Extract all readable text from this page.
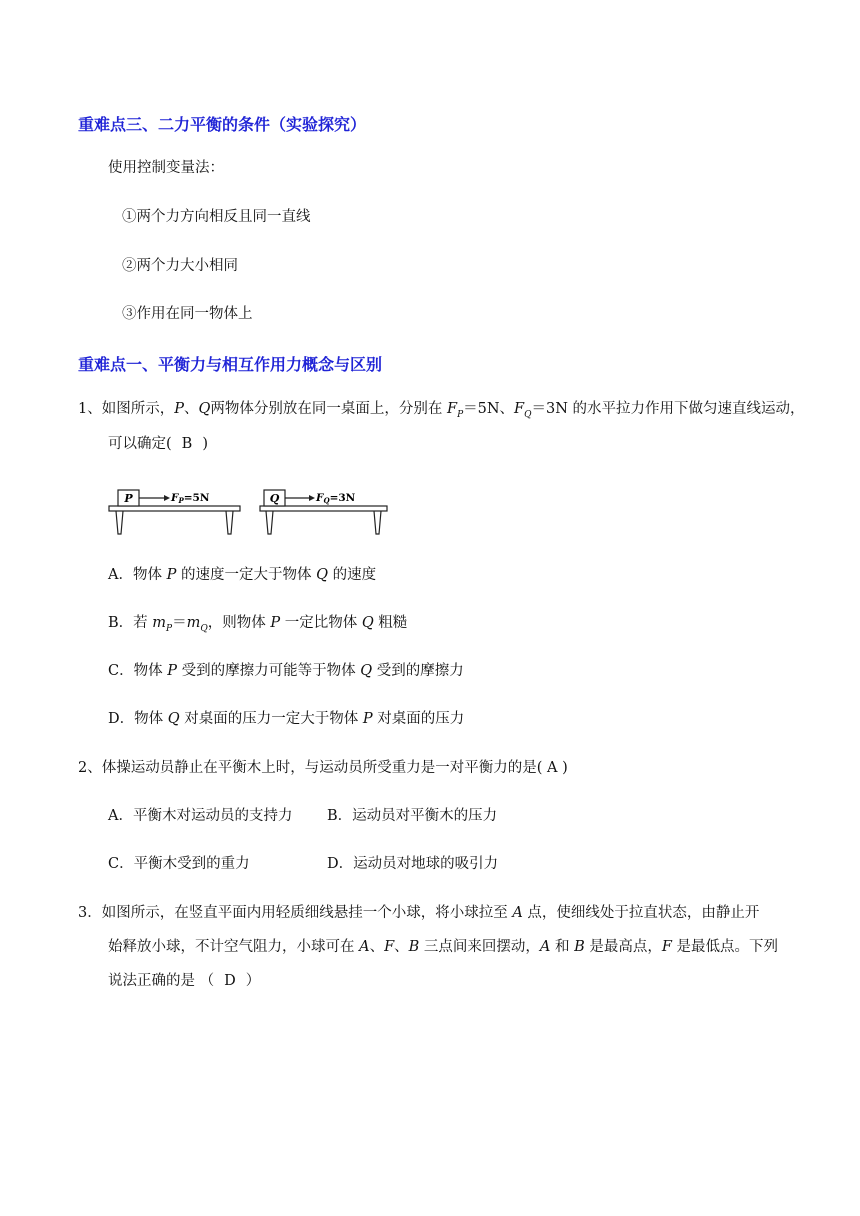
重难点三、二力平衡的条件（实验探究）
使用控制变量法：
①两个力方向相反且同一直线
②两个力大小相同
③作用在同一物体上
重难点一、平衡力与相互作用力概念与区别
1、如图所示，P、Q两物体分别放在同一桌面上，分别在 $F_P=5N$、$F_Q=3N$ 的水平拉力作用下做匀速直线运动，
可以确定( B )
P	FP=5N	Q	FQ=3N
A．物体 P 的速度一定大于物体 Q 的速度
B．若 $m_P=m_Q$，则物体 P 一定比物体 Q 粗糙
C．物体 P 受到的摩擦力可能等于物体 Q 受到的摩擦力
D．物体 Q 对桌面的压力一定大于物体 P 对桌面的压力
2、体操运动员静止在平衡木上时，与运动员所受重力是一对平衡力的是( A )
A．平衡木对运动员的支持力 B．运动员对平衡木的压力
C．平衡木受到的重力	D．运动员对地球的吸引力
3．如图所示，在竖直平面内用轻质细线悬挂一个小球，将小球拉至 A 点，使细线处于拉直状态，由静止开
始释放小球，不计空气阻力，小球可在 A、F、B 三点间来回摆动，A 和 B 是最高点，F 是最低点。下列
说法正确的是 （ D ）
